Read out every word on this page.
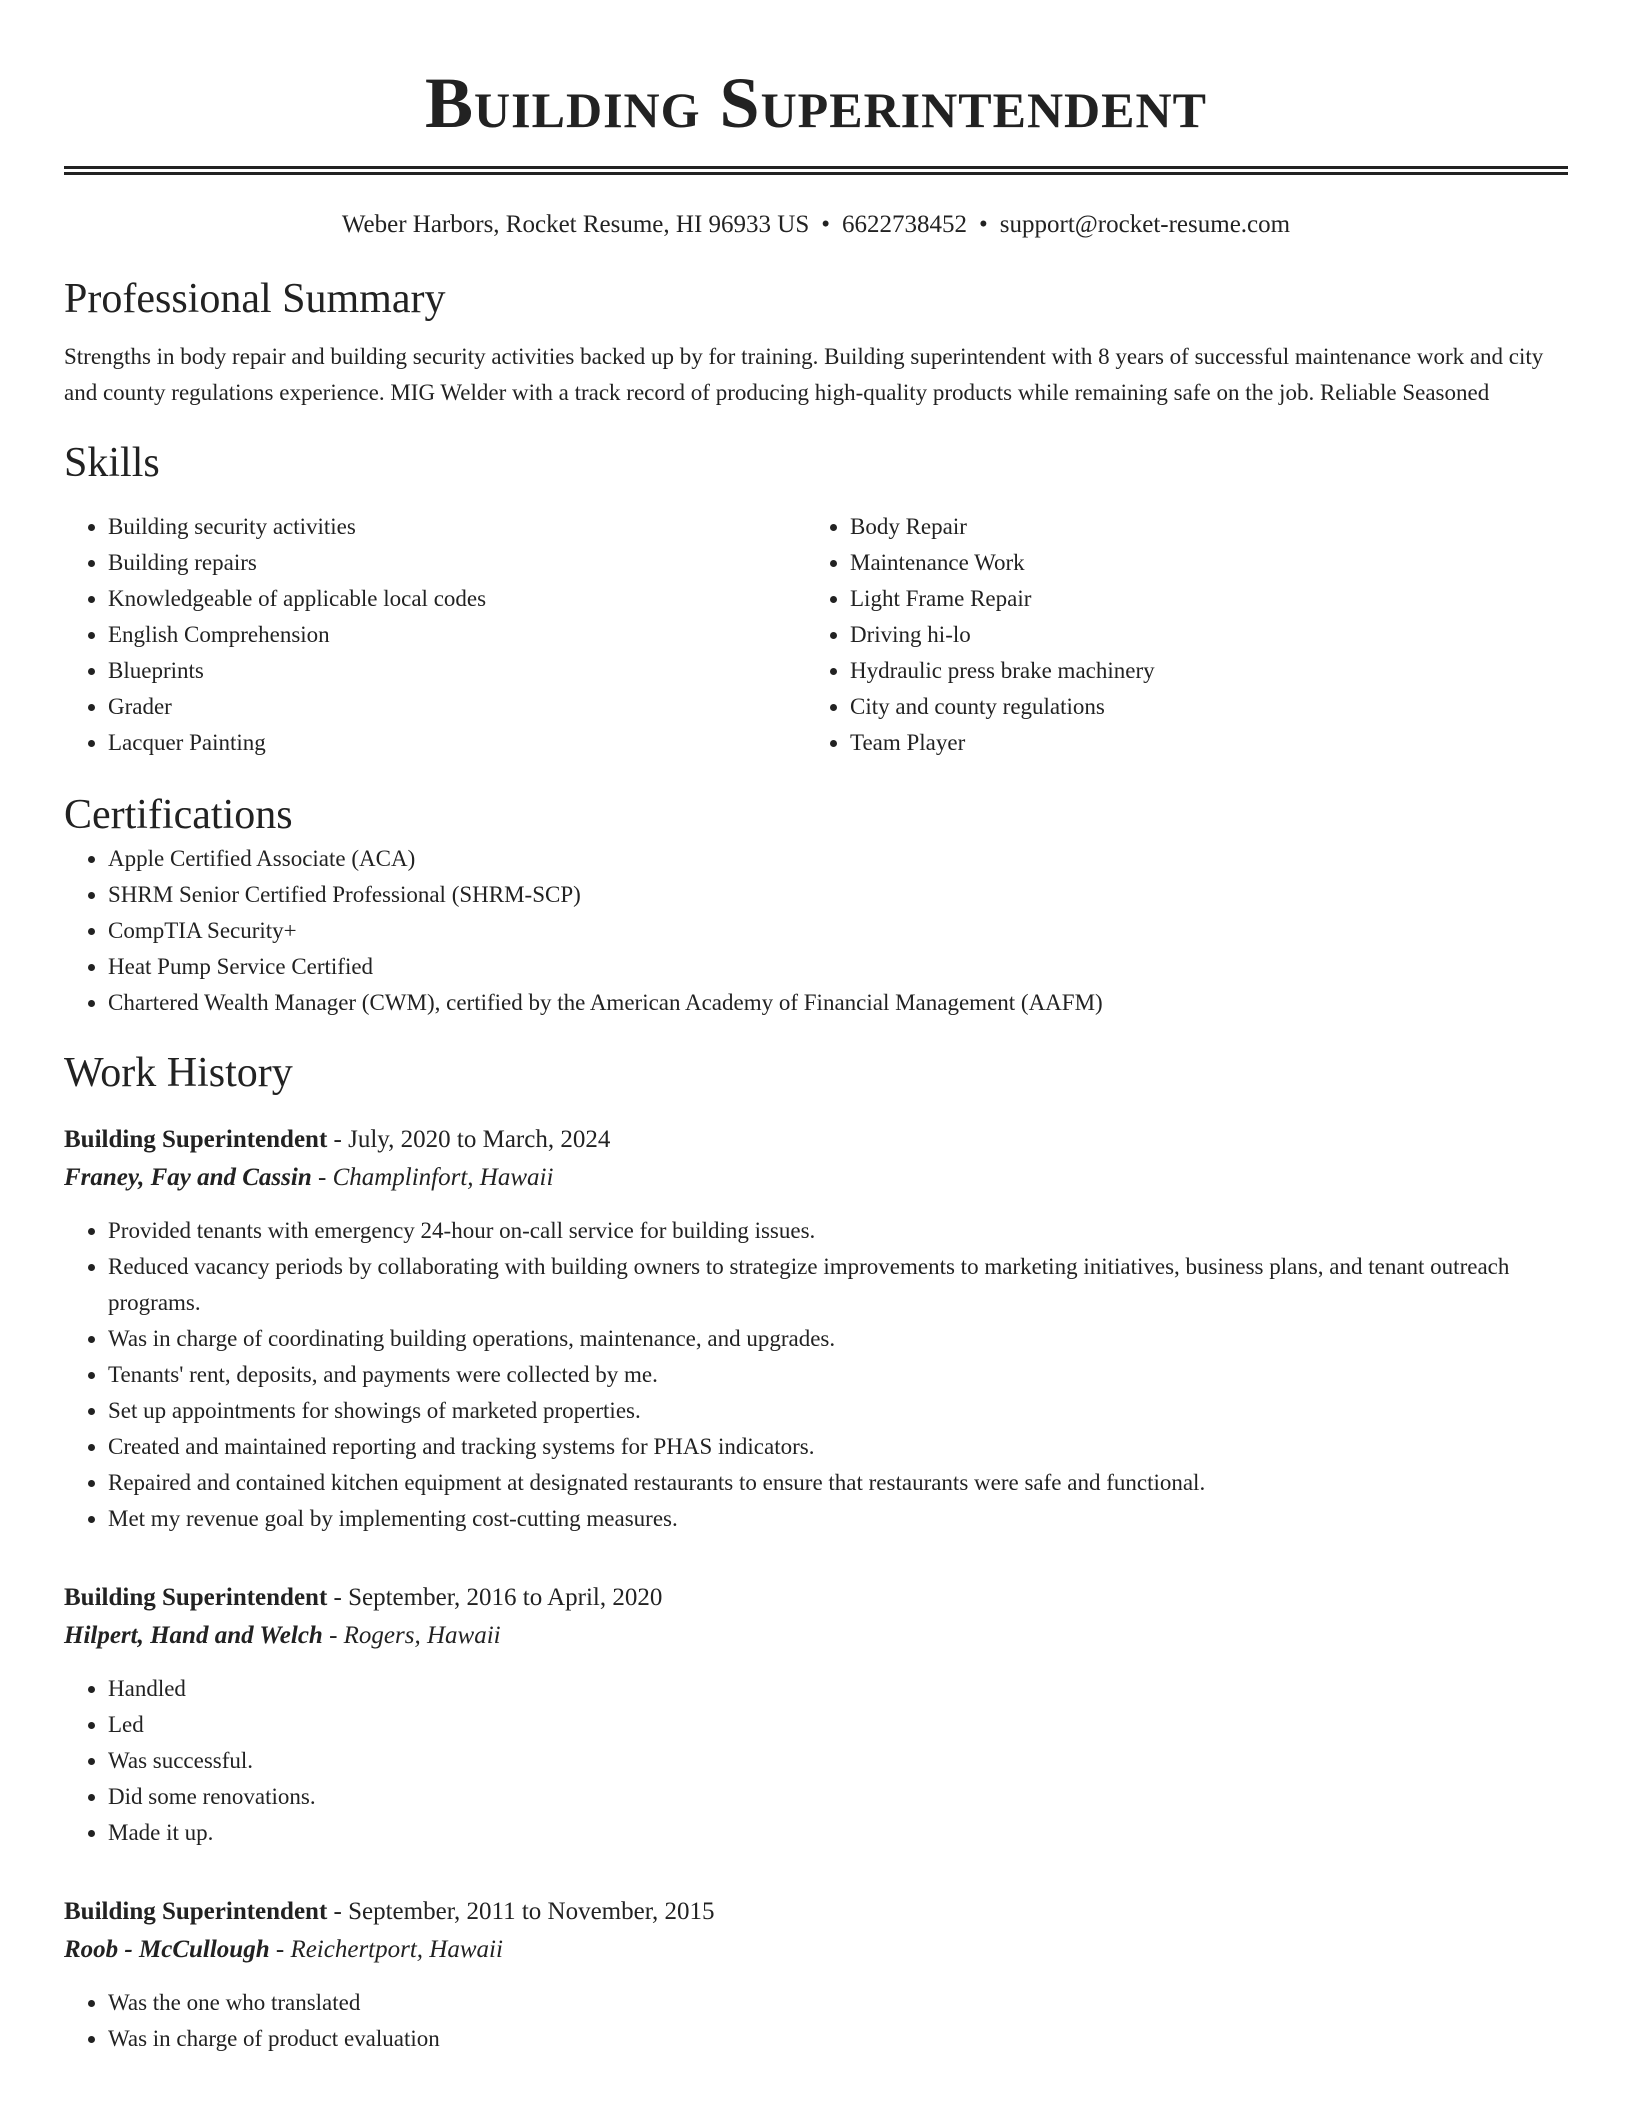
Building Superintendent
Weber Harbors, Rocket Resume, HI 96933 US • 6622738452 • support@rocket-resume.com
Professional Summary

Strengths in body repair and building security activities backed up by for training. Building superintendent with 8 years of successful maintenance work and city and county regulations experience. MIG Welder with a track record of producing high-quality products while remaining safe on the job. Reliable Seasoned

Skills
• Building security activities
• Building repairs
• Knowledgeable of applicable local codes
• English Comprehension
• Blueprints
• Grader
• Lacquer Painting
• Body Repair
• Maintenance Work
• Light Frame Repair
• Driving hi-lo
• Hydraulic press brake machinery
• City and county regulations
• Team Player
Certifications
• Apple Certified Associate (ACA)
• SHRM Senior Certified Professional (SHRM-SCP)
• CompTIA Security+
• Heat Pump Service Certified
• Chartered Wealth Manager (CWM), certified by the American Academy of Financial Management (AAFM)
Work History
Building Superintendent - July, 2020 to March, 2024
Franey, Fay and Cassin - Champlinfort, Hawaii
• Provided tenants with emergency 24-hour on-call service for building issues.
• Reduced vacancy periods by collaborating with building owners to strategize improvements to marketing initiatives, business plans, and tenant outreach programs.
• Was in charge of coordinating building operations, maintenance, and upgrades.
• Tenants' rent, deposits, and payments were collected by me.
• Set up appointments for showings of marketed properties.
• Created and maintained reporting and tracking systems for PHAS indicators.
• Repaired and contained kitchen equipment at designated restaurants to ensure that restaurants were safe and functional.
• Met my revenue goal by implementing cost-cutting measures.
Building Superintendent - September, 2016 to April, 2020
Hilpert, Hand and Welch - Rogers, Hawaii
• Handled
• Led
• Was successful.
• Did some renovations.
• Made it up.
Building Superintendent - September, 2011 to November, 2015
Roob - McCullough - Reichertport, Hawaii
• Was the one who translated
• Was in charge of product evaluation
